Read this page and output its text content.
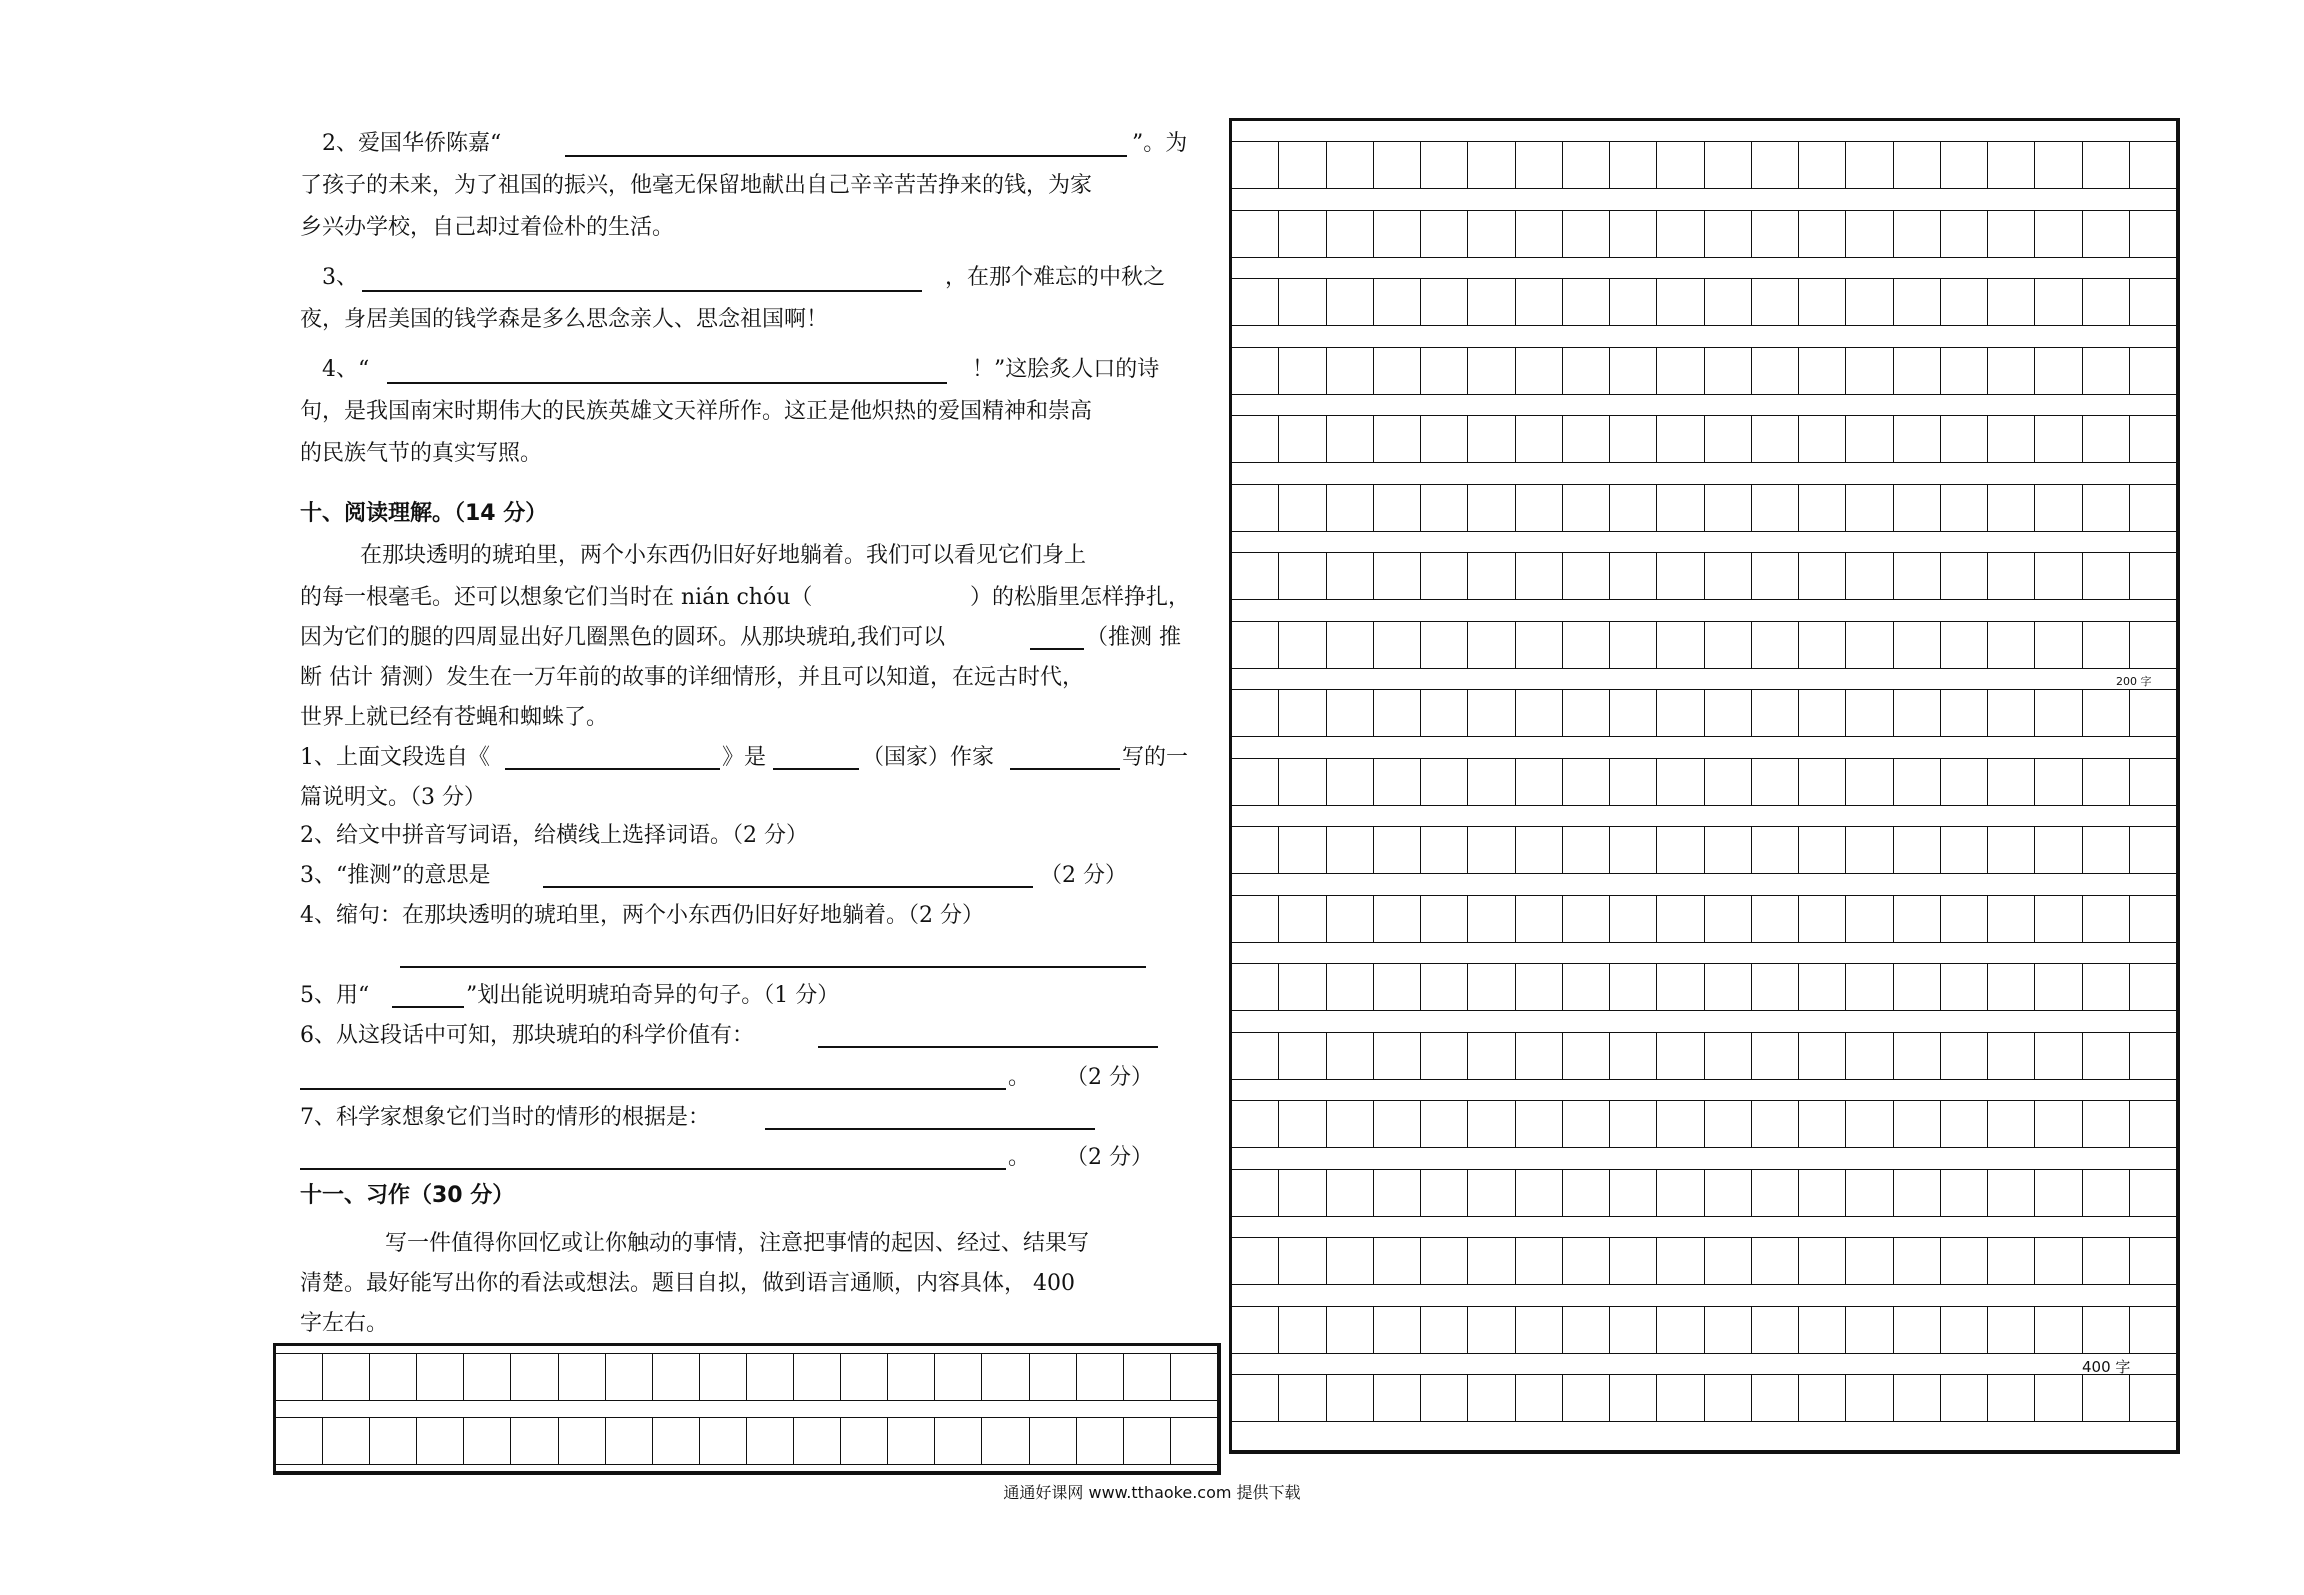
2、爱国华侨陈嘉“	”。为
了孩子的未来，为了祖国的振兴，他毫无保留地献出自己辛辛苦苦挣来的钱，为家
乡兴办学校，自己却过着俭朴的生活。
3、	，在那个难忘的中秋之
夜，身居美国的钱学森是多么思念亲人、思念祖国啊！
4、“	！”这脍炙人口的诗
句，是我国南宋时期伟大的民族英雄文天祥所作。这正是他炽热的爱国精神和崇高
的民族气节的真实写照。
十、阅读理解。（14 分）
在那块透明的琥珀里，两个小东西仍旧好好地躺着。我们可以看见它们身上
的每一根毫毛。还可以想象它们当时在 nián chóu（	）的松脂里怎样挣扎，
因为它们的腿的四周显出好几圈黑色的圆环。从那块琥珀,我们可以	（推测 推
断 估计 猜测）发生在一万年前的故事的详细情形，并且可以知道，在远古时代，
世界上就已经有苍蝇和蜘蛛了。
1、上面文段选自《	》是	（国家）作家	写的一
篇说明文。（3 分）
2、给文中拼音写词语，给横线上选择词语。（2 分）
3、“推测”的意思是	（2 分）
4、缩句：在那块透明的琥珀里，两个小东西仍旧好好地躺着。（2 分）
5、用“	”划出能说明琥珀奇异的句子。（1 分）
6、从这段话中可知，那块琥珀的科学价值有：
。 （2 分）
7、科学家想象它们当时的情形的根据是：
。 （2 分）
十一、习作（30 分）
写一件值得你回忆或让你触动的事情，注意把事情的起因、经过、结果写
清楚。最好能写出你的看法或想法。题目自拟，做到语言通顺，内容具体， 400
字左右。
200 字
400 字
通通好课网 www.tthaoke.com 提供下载
